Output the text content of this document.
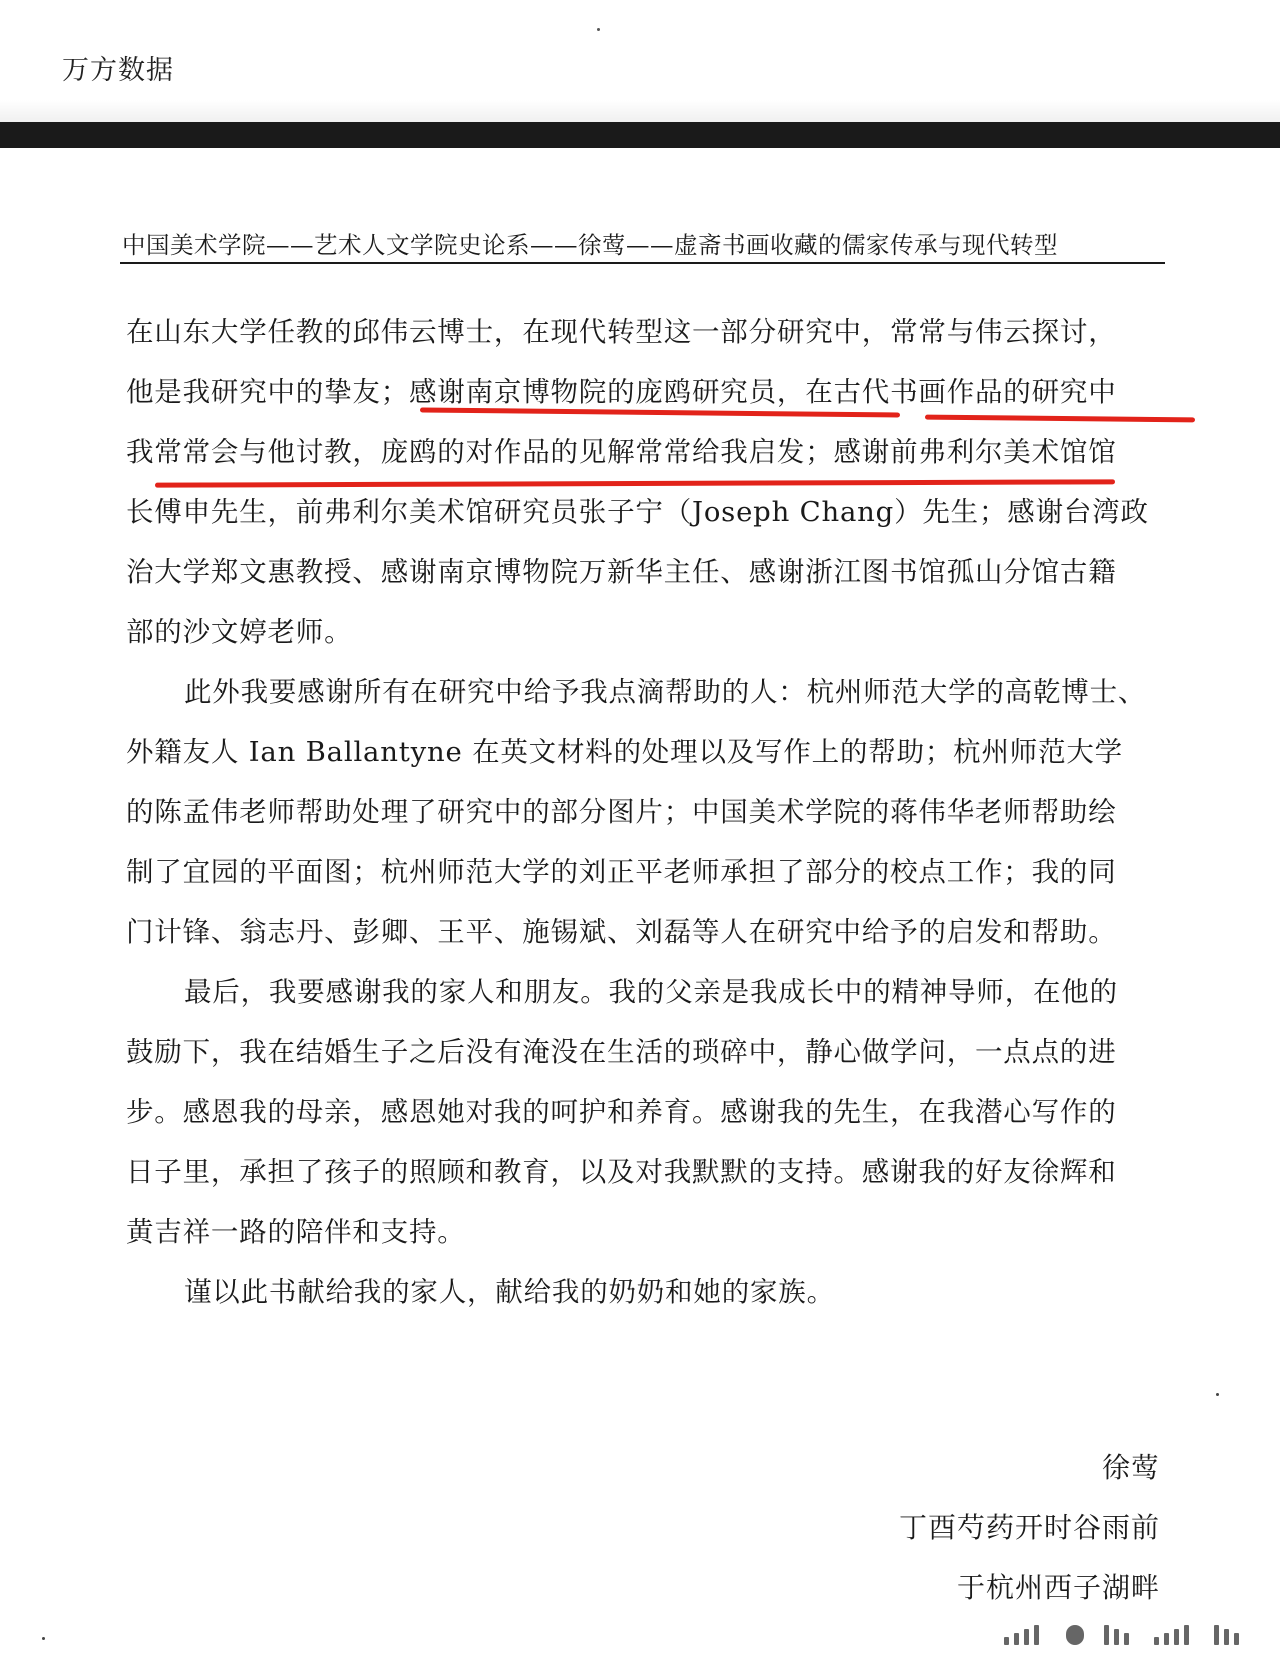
万方数据
中国美术学院——艺术人文学院史论系——徐莺——虚斋书画收藏的儒家传承与现代转型
在山东大学任教的邱伟云博士，在现代转型这一部分研究中，常常与伟云探讨，
他是我研究中的挚友；感谢南京博物院的庞鸥研究员，在古代书画作品的研究中
我常常会与他讨教，庞鸥的对作品的见解常常给我启发；感谢前弗利尔美术馆馆
长傅申先生，前弗利尔美术馆研究员张子宁（Joseph Chang）先生；感谢台湾政
治大学郑文惠教授、感谢南京博物院万新华主任、感谢浙江图书馆孤山分馆古籍
部的沙文婷老师。
此外我要感谢所有在研究中给予我点滴帮助的人：杭州师范大学的高乾博士、
外籍友人 Ian Ballantyne 在英文材料的处理以及写作上的帮助；杭州师范大学
的陈孟伟老师帮助处理了研究中的部分图片；中国美术学院的蒋伟华老师帮助绘
制了宜园的平面图；杭州师范大学的刘正平老师承担了部分的校点工作；我的同
门计锋、翁志丹、彭卿、王平、施锡斌、刘磊等人在研究中给予的启发和帮助。
最后，我要感谢我的家人和朋友。我的父亲是我成长中的精神导师，在他的
鼓励下，我在结婚生子之后没有淹没在生活的琐碎中，静心做学问，一点点的进
步。感恩我的母亲，感恩她对我的呵护和养育。感谢我的先生，在我潜心写作的
日子里，承担了孩子的照顾和教育，以及对我默默的支持。感谢我的好友徐辉和
黄吉祥一路的陪伴和支持。
谨以此书献给我的家人，献给我的奶奶和她的家族。
徐莺
丁酉芍药开时谷雨前
于杭州西子湖畔
